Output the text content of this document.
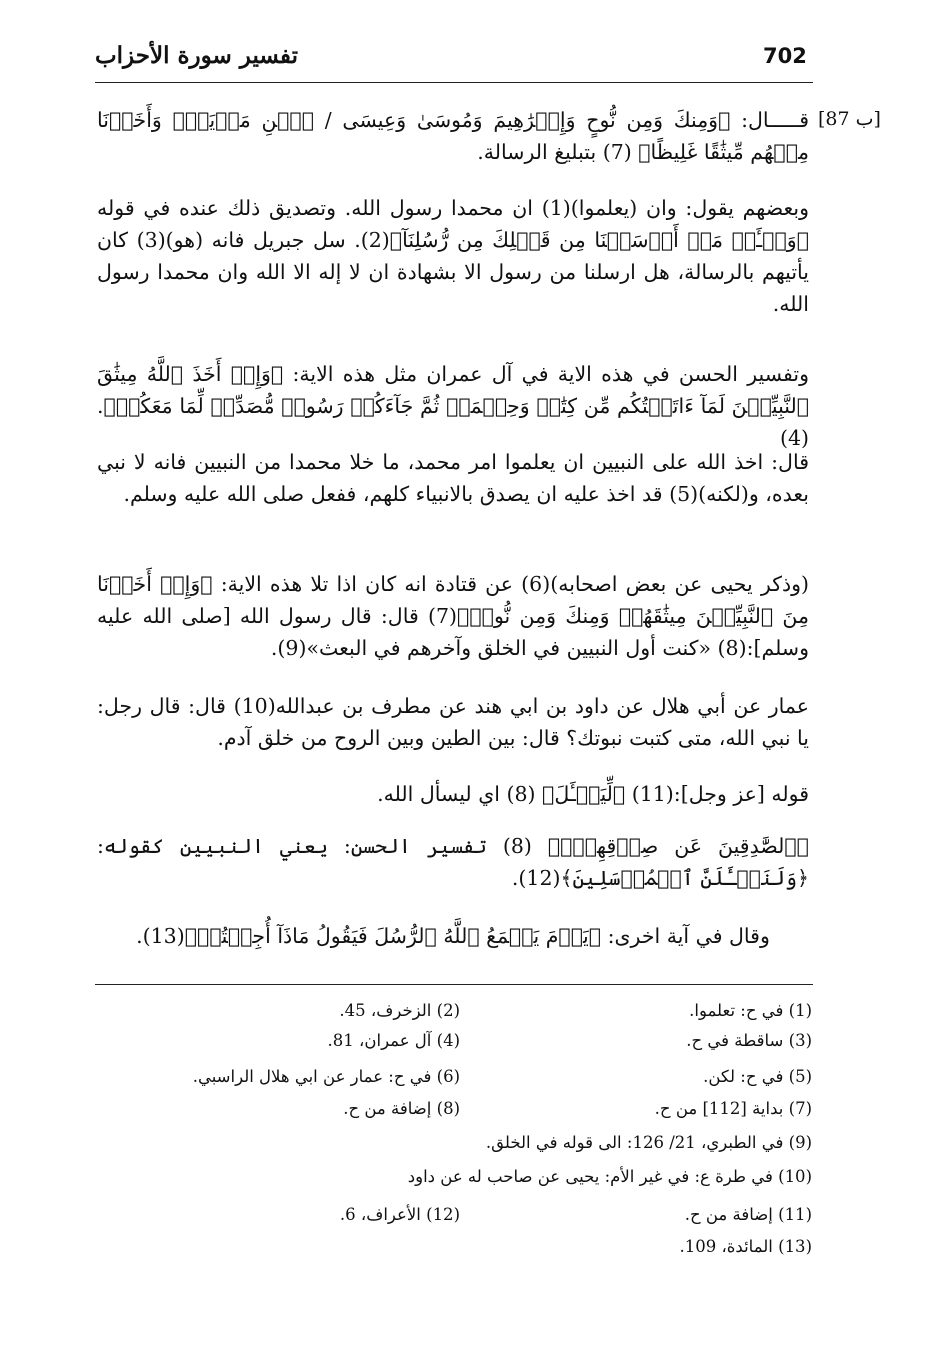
702
تفسير سورة الأحزاب
[87 ب]

قـــــال: ﴿وَمِنكَ وَمِن نُّوحٍ وَإِبۡرَٰهِيمَ وَمُوسَىٰ وَعِيسَى / ٱبۡنِ مَرۡيَمَۖ وَأَخَذۡنَا مِنۡهُم مِّيثَٰقًا غَلِيظًا﴾ (7) بتبليغ الرسالة.

وبعضهم يقول: وان (يعلموا)(1) ان محمدا رسول الله. وتصديق ذلك عنده في قوله ﴿وَسۡـَٔلۡ مَنۡ أَرۡسَلۡنَا مِن قَبۡلِكَ مِن رُّسُلِنَآ﴾(2). سل جبريل فانه (هو)(3) كان يأتيهم بالرسالة، هل ارسلنا من رسول الا بشهادة ان لا إله الا الله وان محمدا رسول الله.

وتفسير الحسن في هذه الاية في آل عمران مثل هذه الاية: ﴿وَإِذۡ أَخَذَ ٱللَّهُ مِيثَٰقَ ٱلنَّبِيِّـۧنَ لَمَآ ءَاتَيۡتُكُم مِّن كِتَٰبٖ وَحِكۡمَةٖ ثُمَّ جَآءَكُمۡ رَسُولٞ مُّصَدِّقٞ لِّمَا مَعَكُمۡ﴾.(4)

قال: اخذ الله على النبيين ان يعلموا امر محمد، ما خلا محمدا من النبيين فانه لا نبي بعده، و(لكنه)(5) قد اخذ عليه ان يصدق بالانبياء كلهم، ففعل صلى الله عليه وسلم.

(وذكر يحيى عن بعض اصحابه)(6) عن قتادة انه كان اذا تلا هذه الاية: ﴿وَإِذۡ أَخَذۡنَا مِنَ ٱلنَّبِيِّـۧنَ مِيثَٰقَهُمۡ وَمِنكَ وَمِن نُّوحٖ﴾(7) قال: قال رسول الله [صلى الله عليه وسلم]:(8) «كنت أول النبيين في الخلق وآخرهم في البعث»(9).

عمار عن أبي هلال عن داود بن ابي هند عن مطرف بن عبدالله(10) قال: قال رجل: يا نبي الله، متى كتبت نبوتك؟ قال: بين الطين وبين الروح من خلق آدم.

قوله [عز وجل]:(11) ﴿لِّيَسۡـَٔلَ﴾ (8) اي ليسأل الله.

﴿ٱلصَّٰدِقِينَ عَن صِدۡقِهِمۡۚ﴾ (8) تفسير الحسن: يعني النبيين كقوله: ﴿وَلَنَسۡـَٔلَنَّ ٱلۡمُرۡسَلِينَ﴾(12).

وقال في آية اخرى: ﴿يَوۡمَ يَجۡمَعُ ٱللَّهُ ٱلرُّسُلَ فَيَقُولُ مَاذَآ أُجِبۡتُمۡ﴾(13).

(1) في ح: تعلموا.
(2) الزخرف، 45.
(3) ساقطة في ح.
(4) آل عمران، 81.
(5) في ح: لكن.
(6) في ح: عمار عن ابي هلال الراسبي.
(7) بداية [112] من ح.
(8) إضافة من ح.
(9) في الطبري، 21/ 126: الى قوله في الخلق.
(10) في طرة ع: في غير الأم: يحيى عن صاحب له عن داود
(11) إضافة من ح.
(12) الأعراف، 6.
(13) المائدة، 109.
